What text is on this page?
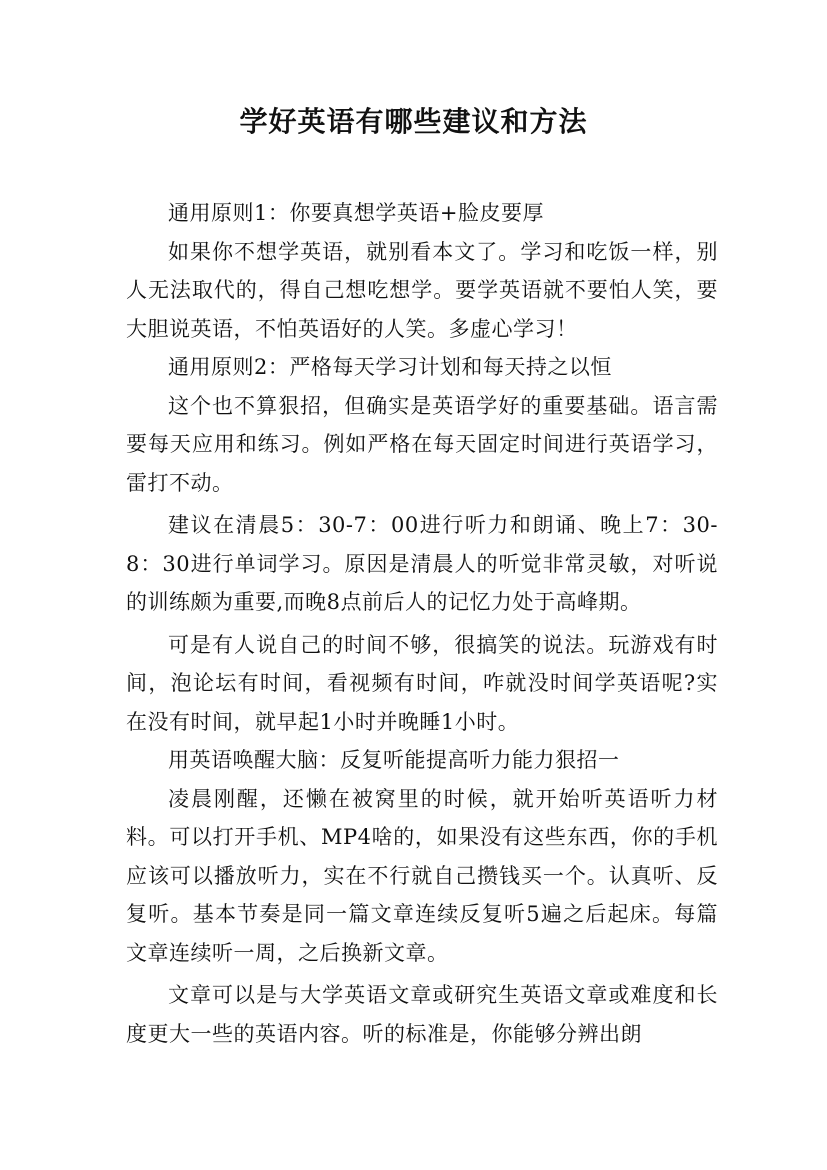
学好英语有哪些建议和方法

通用原则1：你要真想学英语+脸皮要厚

如果你不想学英语，就别看本文了。学习和吃饭一样，别人无法取代的，得自己想吃想学。要学英语就不要怕人笑，要大胆说英语，不怕英语好的人笑。多虚心学习！

通用原则2：严格每天学习计划和每天持之以恒

这个也不算狠招，但确实是英语学好的重要基础。语言需要每天应用和练习。例如严格在每天固定时间进行英语学习，雷打不动。

建议在清晨5：30-7：00进行听力和朗诵、晚上7：30-8：30进行单词学习。原因是清晨人的听觉非常灵敏，对听说的训练颇为重要,而晚8点前后人的记忆力处于高峰期。

可是有人说自己的时间不够，很搞笑的说法。玩游戏有时间，泡论坛有时间，看视频有时间，咋就没时间学英语呢?实在没有时间，就早起1小时并晚睡1小时。

用英语唤醒大脑：反复听能提高听力能力狠招一

凌晨刚醒，还懒在被窝里的时候，就开始听英语听力材料。可以打开手机、MP4啥的，如果没有这些东西，你的手机应该可以播放听力，实在不行就自己攒钱买一个。认真听、反复听。基本节奏是同一篇文章连续反复听5遍之后起床。每篇文章连续听一周，之后换新文章。

文章可以是与大学英语文章或研究生英语文章或难度和长度更大一些的英语内容。听的标准是，你能够分辨出朗
